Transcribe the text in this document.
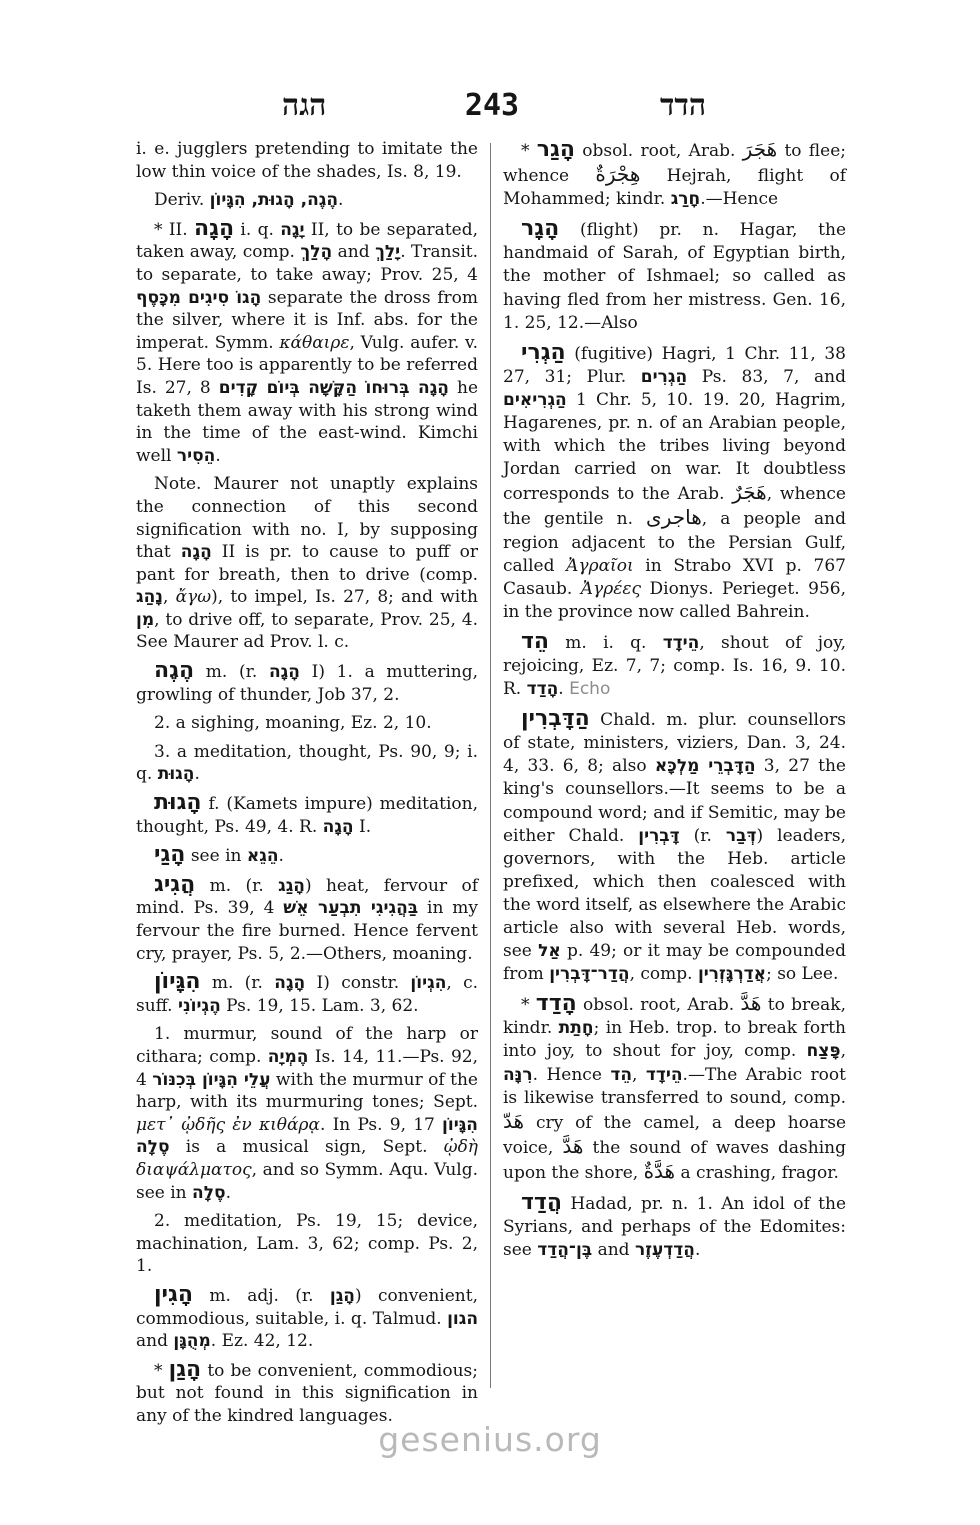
הגה	243	הדד

i. e. jugglers pretending to imitate the low thin voice of the shades, Is. 8, 19.

Deriv. הֶגֶה, הָגוּת, הִגָּיוֹן.

* II. הָגָה i. q. יָגָה II, to be separated, taken away, comp. הָלַךְ and יָלַךְ. Transit. to separate, to take away; Prov. 25, 4 הָגוֹ סִיגִים מִכָּסֶף separate the dross from the silver, where it is Inf. abs. for the imperat. Symm. κάθαιρε, Vulg. aufer. v. 5. Here too is apparently to be referred Is. 27, 8 הָגָה בְּרוּחוֹ הַקָּשָׁה בְּיוֹם קָדִים he taketh them away with his strong wind in the time of the east-wind. Kimchi well הֵסִיר.

Note. Maurer not unaptly explains the connection of this second signification with no. I, by supposing that הָגָה II is pr. to cause to puff or pant for breath, then to drive (comp. נָהַג, ἄγω), to impel, Is. 27, 8; and with מִן, to drive off, to separate, Prov. 25, 4. See Maurer ad Prov. l. c.

הֶגֶה m. (r. הָגָה I) 1. a muttering, growling of thunder, Job 37, 2.

2. a sighing, moaning, Ez. 2, 10.

3. a meditation, thought, Ps. 90, 9; i. q. הָגוּת.

הָגוּת f. (Kamets impure) meditation, thought, Ps. 49, 4. R. הָגָה I.

הָגַי see in הֵגֵא.

הֲגִיג m. (r. הָגַג) heat, fervour of mind. Ps. 39, 4 בַּהֲגִיגִי תִבְעַר אֵשׁ in my fervour the fire burned. Hence fervent cry, prayer, Ps. 5, 2.—Others, moaning.

הִגָּיוֹן m. (r. הָגָה I) constr. הִגְיוֹן, c. suff. הֶגְיוֹנִי Ps. 19, 15. Lam. 3, 62.

1. murmur, sound of the harp or cithara; comp. הֶמְיָה Is. 14, 11.—Ps. 92, 4 עֲלֵי הִגָּיוֹן בְּכִנּוֹר with the murmur of the harp, with its murmuring tones; Sept. μετ᾽ ᾠδῆς ἐν κιθάρᾳ. In Ps. 9, 17 הִגָּיוֹן סֶלָה is a musical sign, Sept. ᾠδὴ διαψάλματος, and so Symm. Aqu. Vulg. see in סֶלָה.

2. meditation, Ps. 19, 15; device, machination, Lam. 3, 62; comp. Ps. 2, 1.

הָגִין m. adj. (r. הָגַן) convenient, commodious, suitable, i. q. Talmud. הגון and מְהֻגָּן. Ez. 42, 12.

* הָגַן to be convenient, commodious; but not found in this signification in any of the kindred languages.

* הָגַר obsol. root, Arab. هَجَرَ to flee; whence هِجْرَةٌ Hejrah, flight of Mohammed; kindr. חָרַג.—Hence

הָגָר (flight) pr. n. Hagar, the handmaid of Sarah, of Egyptian birth, the mother of Ishmael; so called as having fled from her mistress. Gen. 16, 1. 25, 12.—Also

הַגְרִי (fugitive) Hagri, 1 Chr. 11, 38 27, 31; Plur. הַגְרִים Ps. 83, 7, and הַגְרִיאִים 1 Chr. 5, 10. 19. 20, Hagrim, Hagarenes, pr. n. of an Arabian people, with which the tribes living beyond Jordan carried on war. It doubtless corresponds to the Arab. هَجَرٌ, whence the gentile n. هاجرى, a people and region adjacent to the Persian Gulf, called Ἀγραῖοι in Strabo XVI p. 767 Casaub. Ἀγρέες Dionys. Perieget. 956, in the province now called Bahrein.

הֵד m. i. q. הֵידָד, shout of joy, rejoicing, Ez. 7, 7; comp. Is. 16, 9. 10. R. הָדַד. Echo

הַדָּבְרִין Chald. m. plur. counsellors of state, ministers, viziers, Dan. 3, 24. 4, 33. 6, 8; also הַדָּבְרֵי מַלְכָּא 3, 27 the king's counsellors.—It seems to be a compound word; and if Semitic, may be either Chald. דָּבְרִין (r. דְּבַר) leaders, governors, with the Heb. article prefixed, which then coalesced with the word itself, as elsewhere the Arabic article also with several Heb. words, see אַל p. 49; or it may be compounded from הֲדַר־דָּבְרִין, comp. אֲדַרְגָּזְרִין; so Lee.

* הָדַד obsol. root, Arab. هَدَّ to break, kindr. חָתַת; in Heb. trop. to break forth into joy, to shout for joy, comp. פָּצַח, רִנָּה. Hence הֵד, הֵידָד.—The Arabic root is likewise transferred to sound, comp. هَدّ cry of the camel, a deep hoarse voice, هَدَّ the sound of waves dashing upon the shore, هَدَّةٌ a crashing, fragor.

הֲדַד Hadad, pr. n. 1. An idol of the Syrians, and perhaps of the Edomites: see בֶּן־הֲדַד and הֲדַדְעֶזֶר.

gesenius.org
